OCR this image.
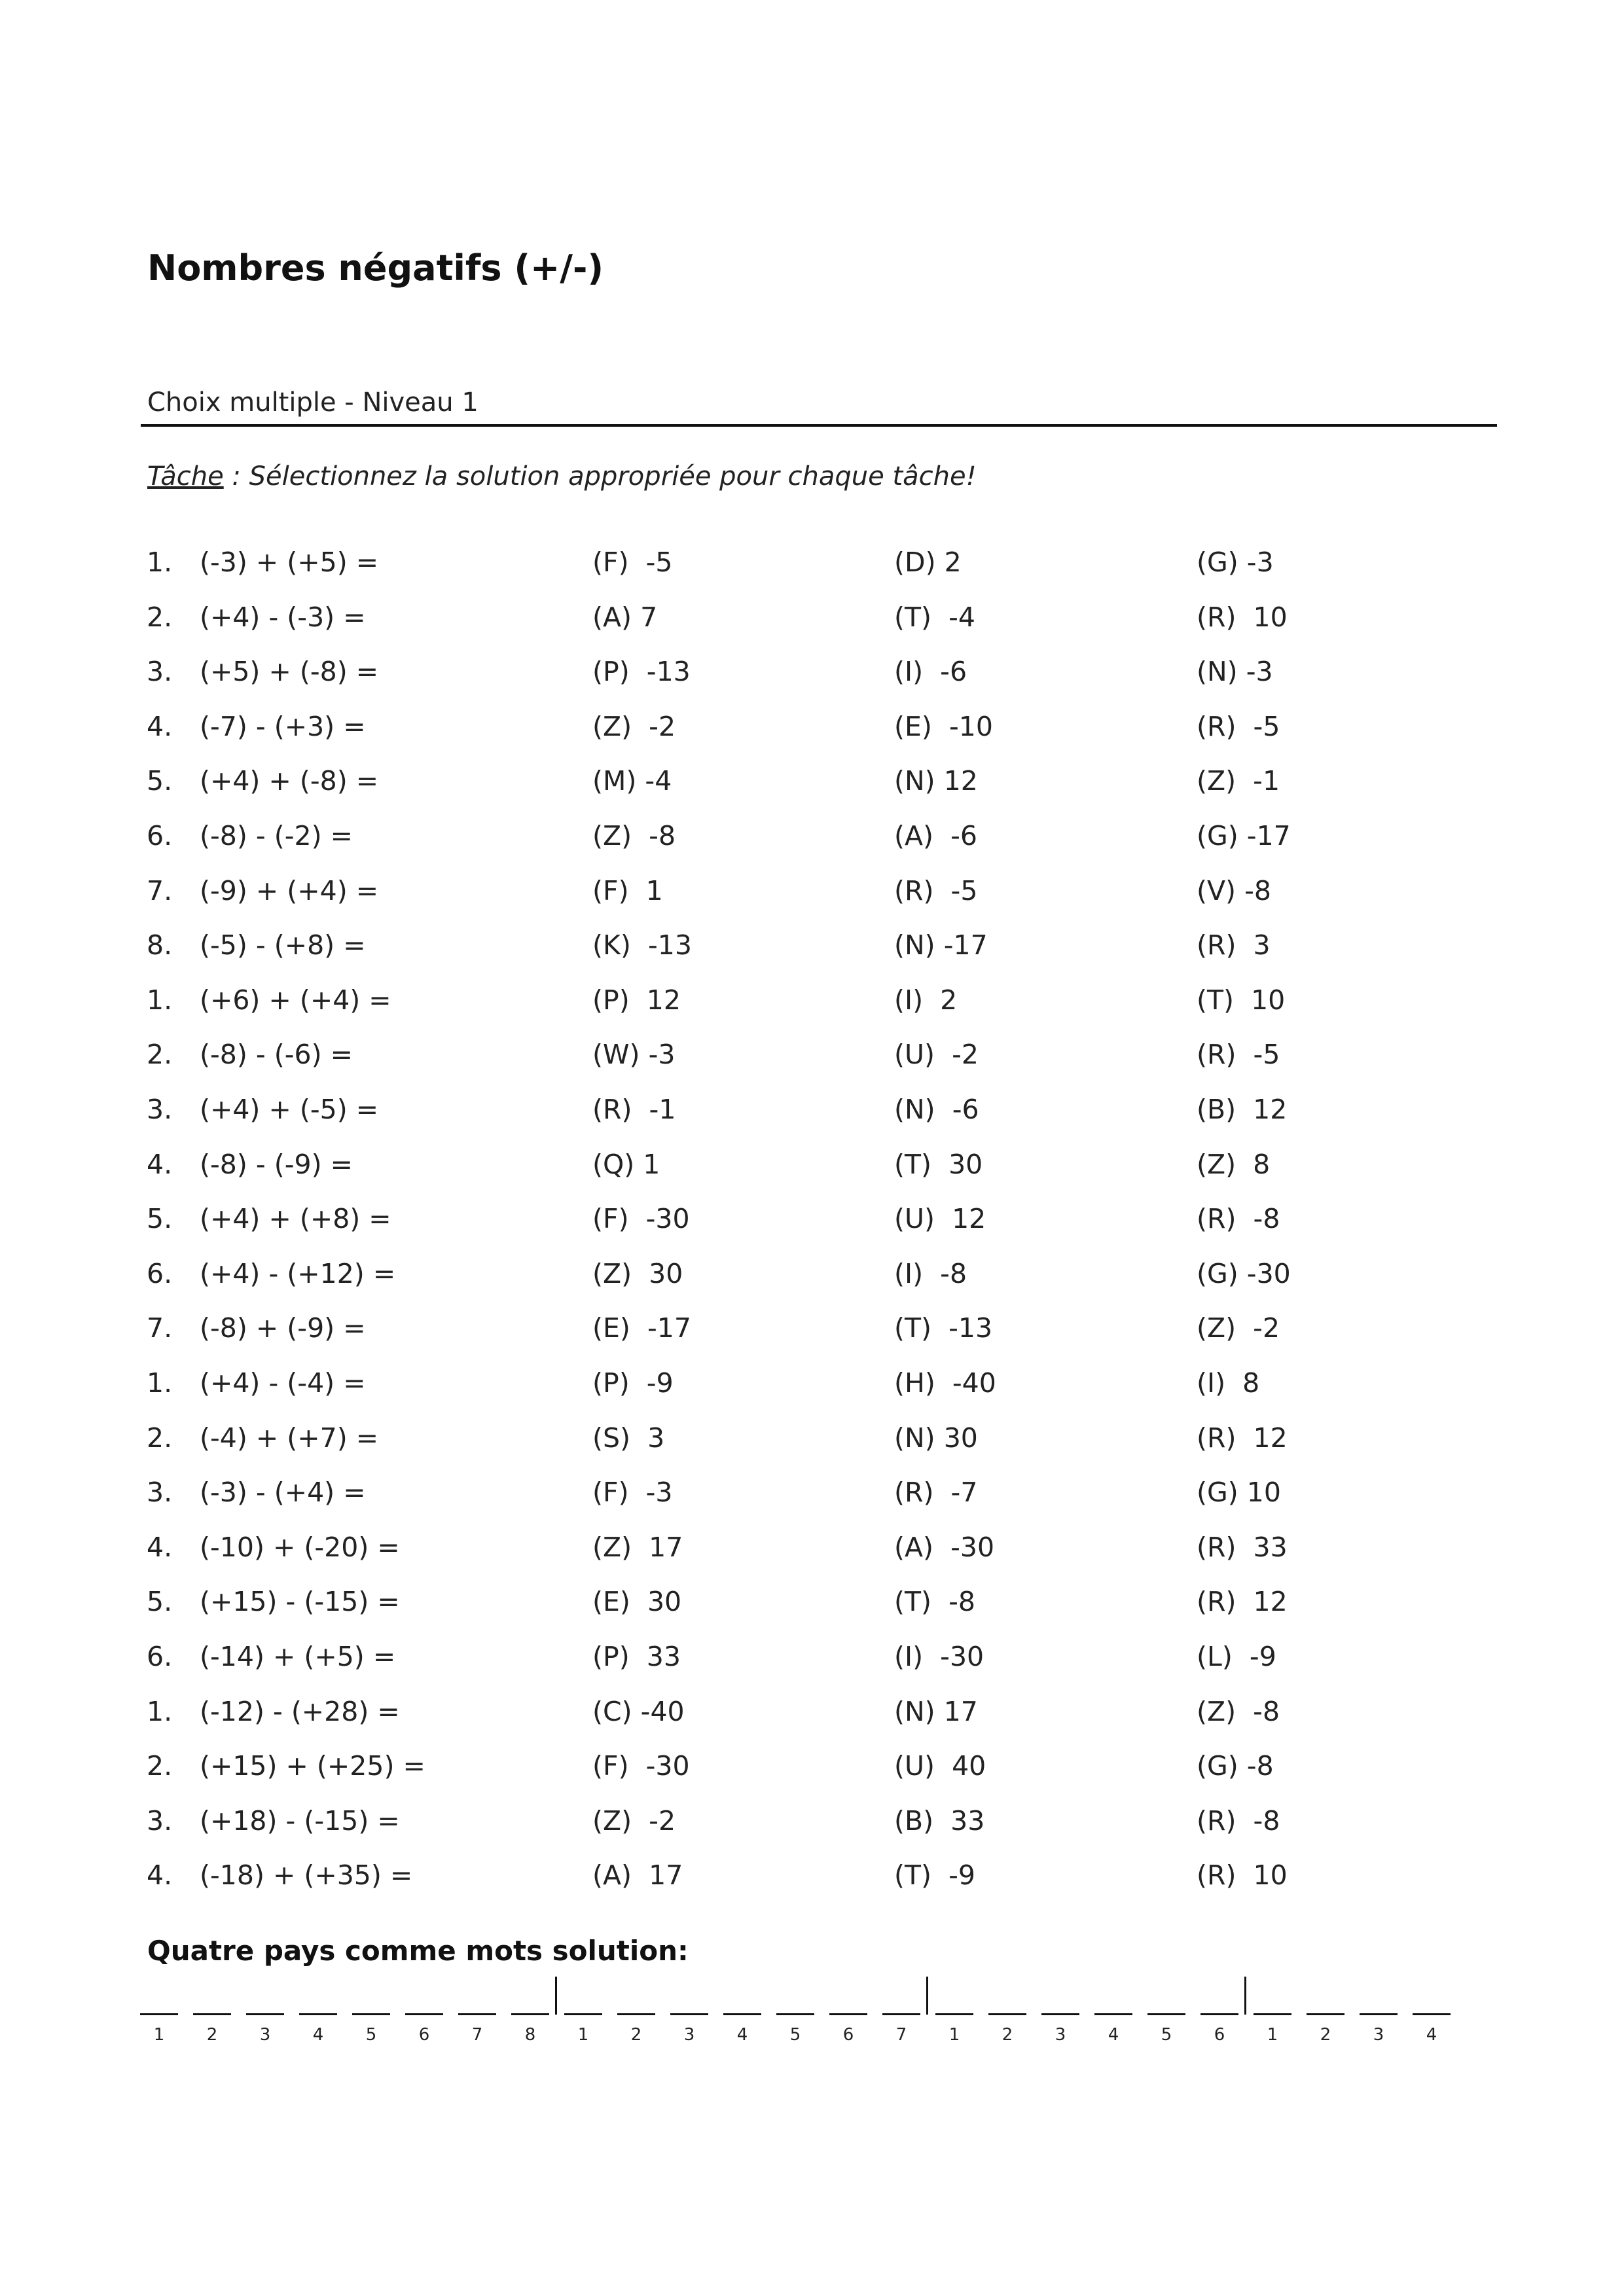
Nombres négatifs (+/-)
Choix multiple - Niveau 1
Tâche : Sélectionnez la solution appropriée pour chaque tâche!
1. (-3) + (+5) =	(F)  -5	(D) 2	(G) -3
2. (+4) - (-3) =	(A) 7	(T)  -4	(R)  10
3. (+5) + (-8) =	(P)  -13	(I)  -6	(N) -3
4. (-7) - (+3) =	(Z)  -2	(E)  -10	(R)  -5
5. (+4) + (-8) =	(M) -4	(N) 12	(Z)  -1
6. (-8) - (-2) =	(Z)  -8	(A)  -6	(G) -17
7. (-9) + (+4) =	(F)  1	(R)  -5	(V) -8
8. (-5) - (+8) =	(K)  -13	(N) -17	(R)  3
1. (+6) + (+4) =	(P)  12	(I)  2	(T)  10
2. (-8) - (-6) =	(W) -3	(U)  -2	(R)  -5
3. (+4) + (-5) =	(R)  -1	(N)  -6	(B)  12
4. (-8) - (-9) =	(Q) 1	(T)  30	(Z)  8
5. (+4) + (+8) =	(F)  -30	(U)  12	(R)  -8
6. (+4) - (+12) =	(Z)  30	(I)  -8	(G) -30
7. (-8) + (-9) =	(E)  -17	(T)  -13	(Z)  -2
1. (+4) - (-4) =	(P)  -9	(H)  -40	(I)  8
2. (-4) + (+7) =	(S)  3	(N) 30	(R)  12
3. (-3) - (+4) =	(F)  -3	(R)  -7	(G) 10
4. (-10) + (-20) =	(Z)  17	(A)  -30	(R)  33
5. (+15) - (-15) =	(E)  30	(T)  -8	(R)  12
6. (-14) + (+5) =	(P)  33	(I)  -30	(L)  -9
1. (-12) - (+28) =	(C) -40	(N) 17	(Z)  -8
2. (+15) + (+25) =	(F)  -30	(U)  40	(G) -8
3. (+18) - (-15) =	(Z)  -2	(B)  33	(R)  -8
4. (-18) + (+35) =	(A)  17	(T)  -9	(R)  10
Quatre pays comme mots solution:
1	2	3	4	5	6	7	8	1	2	3	4	5	6	7	1	2	3	4	5	6	1	2	3	4
